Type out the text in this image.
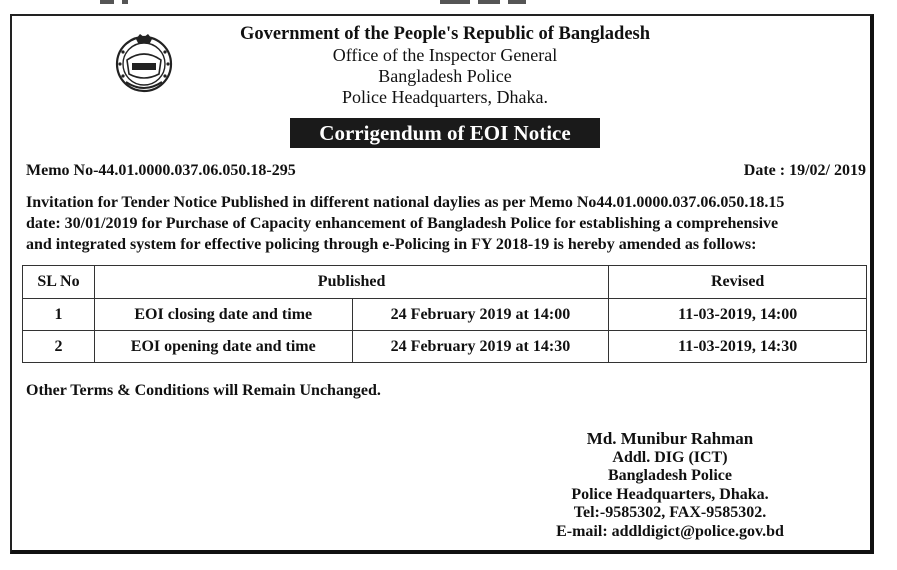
Government of the People's Republic of Bangladesh
Office of the Inspector General
Bangladesh Police
Police Headquarters, Dhaka.
Corrigendum of EOI Notice
Memo No-44.01.0000.037.06.050.18-295	Date : 19/02/ 2019
Invitation for Tender Notice Published in different national daylies as per Memo No44.01.0000.037.06.050.18.15
date: 30/01/2019 for Purchase of Capacity enhancement of Bangladesh Police for establishing a comprehensive
and integrated system for effective policing through e-Policing in FY 2018-19 is hereby amended as follows:
SL No	Published		Revised
1	EOI closing date and time	24 February 2019 at 14:00	11-03-2019, 14:00
2	EOI opening date and time	24 February 2019 at 14:30	11-03-2019, 14:30
Other Terms & Conditions will Remain Unchanged.
Md. Munibur Rahman
Addl. DIG (ICT)
Bangladesh Police
Police Headquarters, Dhaka.
Tel:-9585302, FAX-9585302.
E-mail: addldigict@police.gov.bd
